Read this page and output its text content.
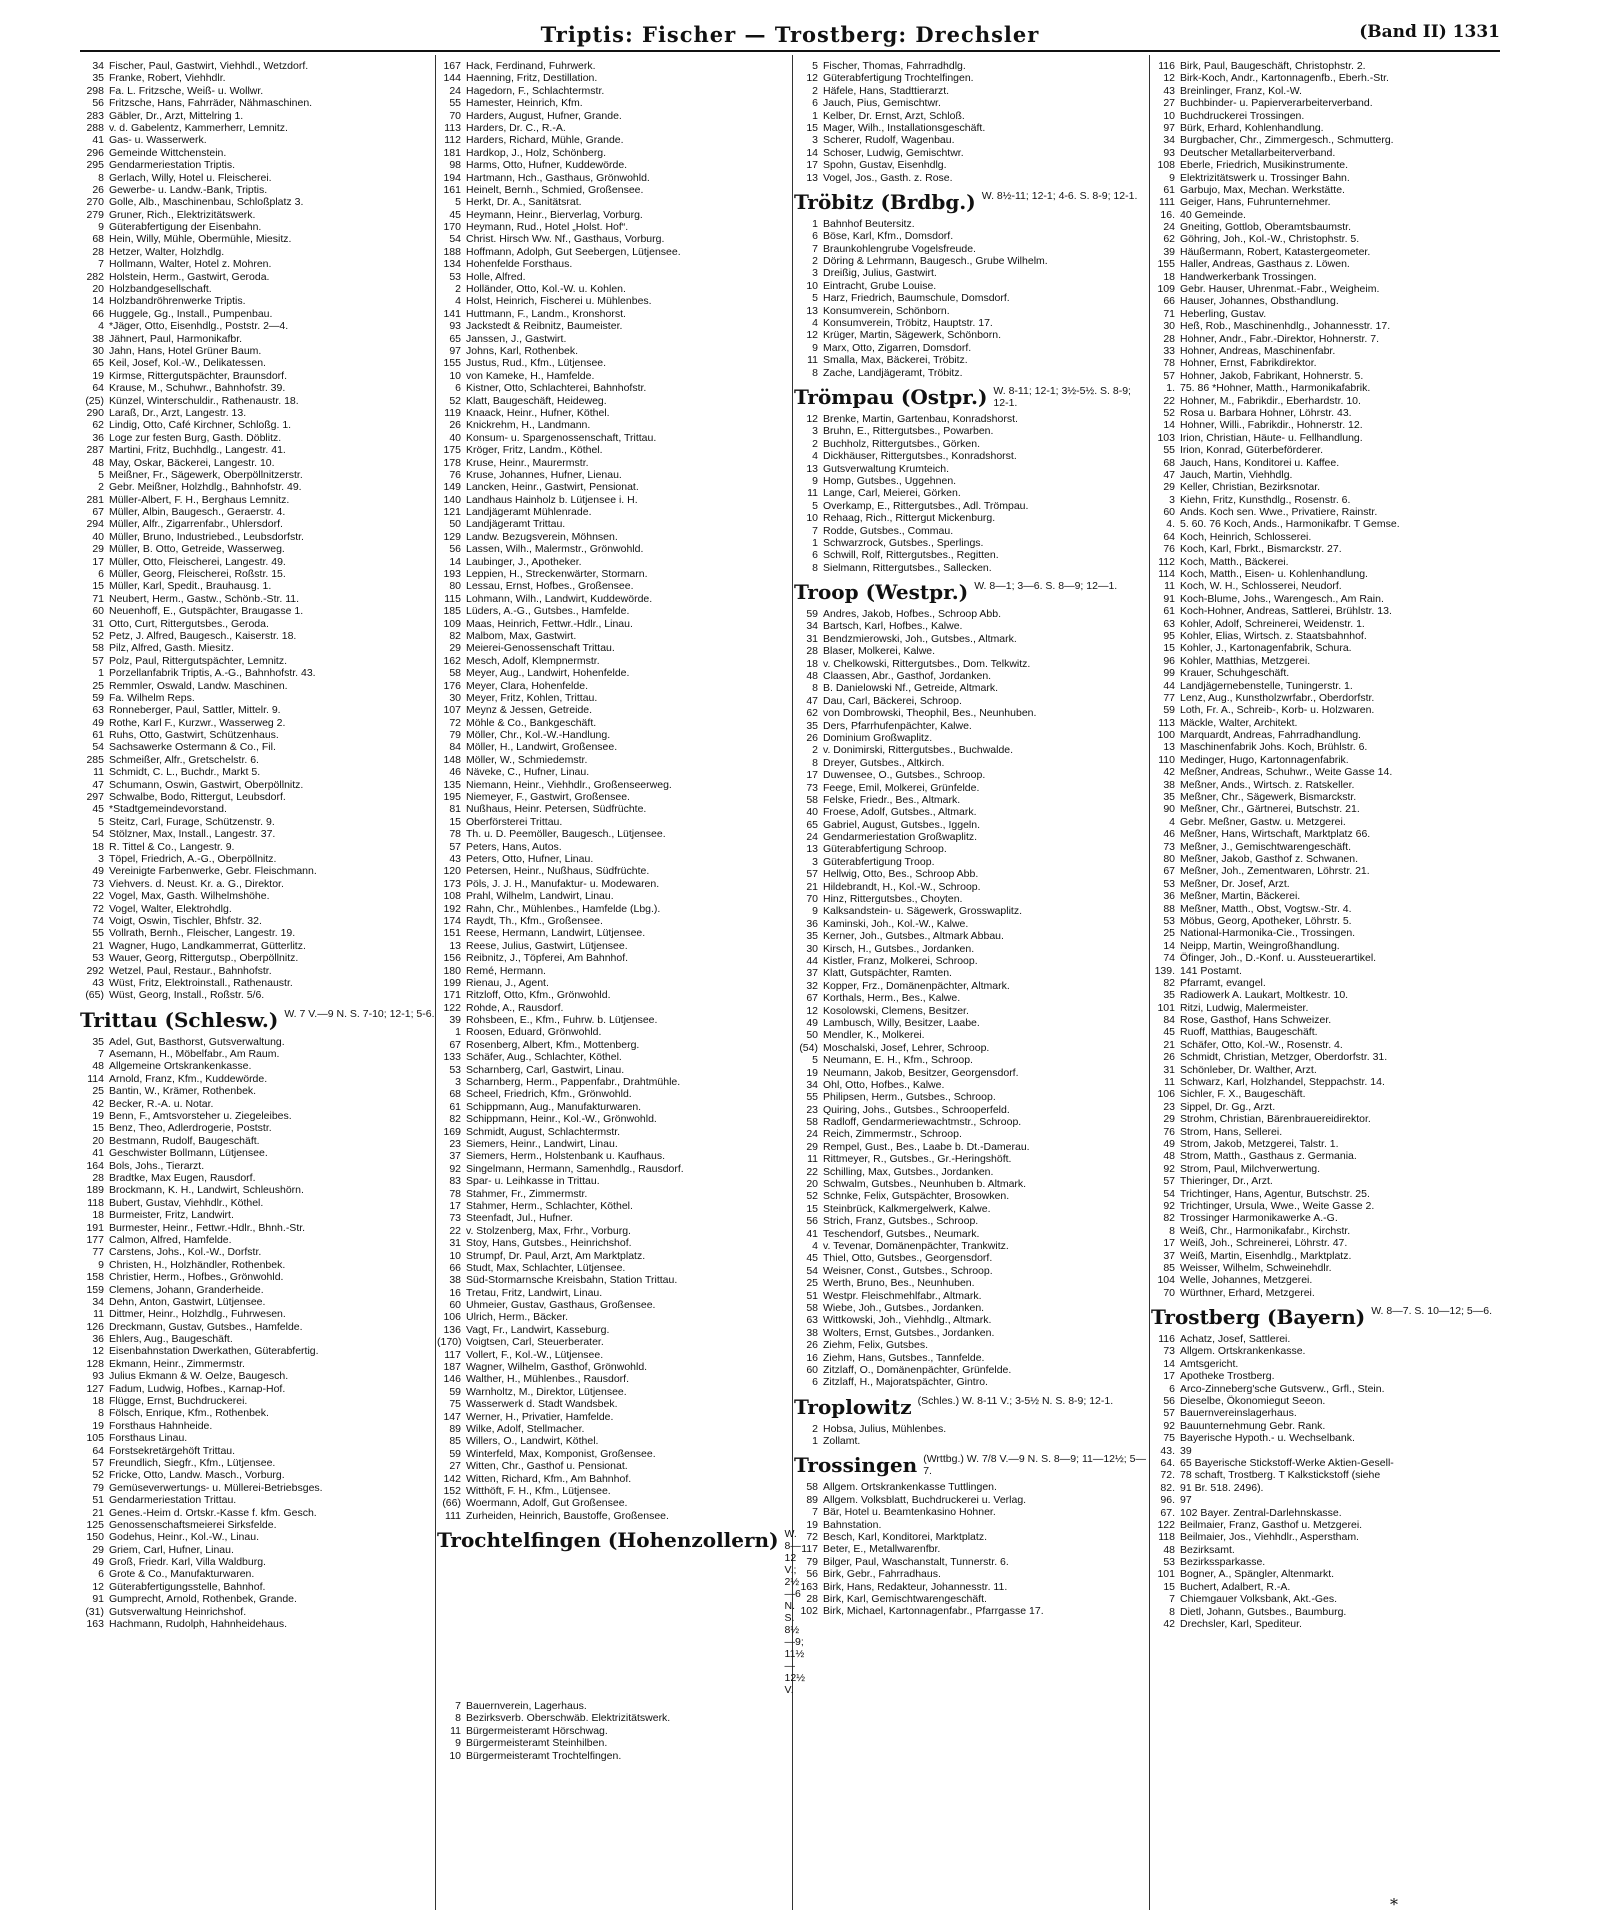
Triptis: Fischer — Trostberg: Drechsler	(Band II) 1331
34 Fischer, Paul, Gastwirt, Viehhdl., Wetzdorf.
35 Franke, Robert, Viehhdlr.
298 Fa. L. Fritzsche, Weiß- u. Wollwr.
56 Fritzsche, Hans, Fahrräder, Nähmaschinen.
283 Gäbler, Dr., Arzt, Mittelring 1.
288 v. d. Gabelentz, Kammerherr, Lemnitz.
41 Gas- u. Wasserwerk.
296 Gemeinde Wittchenstein.
295 Gendarmeriestation Triptis.
8 Gerlach, Willy, Hotel u. Fleischerei.
26 Gewerbe- u. Landw.-Bank, Triptis.
270 Golle, Alb., Maschinenbau, Schloßplatz 3.
279 Gruner, Rich., Elektrizitätswerk.
9 Güterabfertigung der Eisenbahn.
68 Hein, Willy, Mühle, Obermühle, Miesitz.
28 Hetzer, Walter, Holzhdlg.
7 Hollmann, Walter, Hotel z. Mohren.
282 Holstein, Herm., Gastwirt, Geroda.
20 Holzbandgesellschaft.
14 Holzbandröhrenwerke Triptis.
66 Huggele, Gg., Install., Pumpenbau.
4 *Jäger, Otto, Eisenhdlg., Poststr. 2—4.
38 Jähnert, Paul, Harmonikafbr.
30 Jahn, Hans, Hotel Grüner Baum.
65 Keil, Josef, Kol.-W., Delikatessen.
19 Kirmse, Rittergutspächter, Braunsdorf.
64 Krause, M., Schuhwr., Bahnhofstr. 39.
(25) Künzel, Winterschuldir., Rathenaustr. 18.
290 Laraß, Dr., Arzt, Langestr. 13.
62 Lindig, Otto, Café Kirchner, Schloßg. 1.
36 Loge zur festen Burg, Gasth. Döblitz.
287 Martini, Fritz, Buchhdlg., Langestr. 41.
48 May, Oskar, Bäckerei, Langestr. 10.
5 Meißner, Fr., Sägewerk, Oberpöllnitzerstr.
2 Gebr. Meißner, Holzhdlg., Bahnhofstr. 49.
281 Müller-Albert, F. H., Berghaus Lemnitz.
67 Müller, Albin, Baugesch., Geraerstr. 4.
294 Müller, Alfr., Zigarrenfabr., Uhlersdorf.
40 Müller, Bruno, Industriebed., Leubsdorfstr.
29 Müller, B. Otto, Getreide, Wasserweg.
17 Müller, Otto, Fleischerei, Langestr. 49.
6 Müller, Georg, Fleischerei, Roßstr. 15.
15 Müller, Karl, Spedit., Brauhausg. 1.
71 Neubert, Herm., Gastw., Schönb.-Str. 11.
60 Neuenhoff, E., Gutspächter, Braugasse 1.
31 Otto, Curt, Rittergutsbes., Geroda.
52 Petz, J. Alfred, Baugesch., Kaiserstr. 18.
58 Pilz, Alfred, Gasth. Miesitz.
57 Polz, Paul, Rittergutspächter, Lemnitz.
1 Porzellanfabrik Triptis, A.-G., Bahnhofstr. 43.
25 Remmler, Oswald, Landw. Maschinen.
59 Fa. Wilhelm Reps.
63 Ronneberger, Paul, Sattler, Mittelr. 9.
49 Rothe, Karl F., Kurzwr., Wasserweg 2.
61 Ruhs, Otto, Gastwirt, Schützenhaus.
54 Sachsawerke Ostermann & Co., Fil.
285 Schmeißer, Alfr., Gretschelstr. 6.
11 Schmidt, C. L., Buchdr., Markt 5.
47 Schumann, Oswin, Gastwirt, Oberpöllnitz.
297 Schwalbe, Bodo, Rittergut, Leubsdorf.
45 *Stadtgemeindevorstand.
5 Steitz, Carl, Furage, Schützenstr. 9.
54 Stölzner, Max, Install., Langestr. 37.
18 R. Tittel & Co., Langestr. 9.
3 Töpel, Friedrich, A.-G., Oberpöllnitz.
49 Vereinigte Farbenwerke, Gebr. Fleischmann.
73 Viehvers. d. Neust. Kr. a. G., Direktor.
22 Vogel, Max, Gasth. Wilhelmshöhe.
72 Vogel, Walter, Elektrohdlg.
74 Voigt, Oswin, Tischler, Bhfstr. 32.
55 Vollrath, Bernh., Fleischer, Langestr. 19.
21 Wagner, Hugo, Landkammerrat, Gütterlitz.
53 Wauer, Georg, Rittergutsp., Oberpöllnitz.
292 Wetzel, Paul, Restaur., Bahnhofstr.
43 Wüst, Fritz, Elektroinstall., Rathenaustr.
(65) Wüst, Georg, Install., Roßstr. 5/6.
Trittau (Schlesw.) W. 7 V.—9 N. S. 7-10; 12-1; 5-6.
35 Adel, Gut, Basthorst, Gutsverwaltung.
7 Asemann, H., Möbelfabr., Am Raum.
48 Allgemeine Ortskrankenkasse.
114 Arnold, Franz, Kfm., Kuddewörde.
25 Bantin, W., Krämer, Rothenbek.
42 Becker, R.-A. u. Notar.
19 Benn, F., Amtsvorsteher u. Ziegeleibes.
15 Benz, Theo, Adlerdrogerie, Poststr.
20 Bestmann, Rudolf, Baugeschäft.
41 Geschwister Bollmann, Lütjensee.
164 Bols, Johs., Tierarzt.
28 Bradtke, Max Eugen, Rausdorf.
189 Brockmann, K. H., Landwirt, Schleushörn.
118 Bubert, Gustav, Viehhdlr., Köthel.
18 Burmeister, Fritz, Landwirt.
191 Burmester, Heinr., Fettwr.-Hdlr., Bhnh.-Str.
177 Calmon, Alfred, Hamfelde.
77 Carstens, Johs., Kol.-W., Dorfstr.
9 Christen, H., Holzhändler, Rothenbek.
158 Christier, Herm., Hofbes., Grönwohld.
159 Clemens, Johann, Granderheide.
34 Dehn, Anton, Gastwirt, Lütjensee.
11 Dittmer, Heinr., Holzhdlg., Fuhrwesen.
126 Dreckmann, Gustav, Gutsbes., Hamfelde.
36 Ehlers, Aug., Baugeschäft.
12 Eisenbahnstation Dwerkathen, Güterabfertig.
128 Ekmann, Heinr., Zimmermstr.
93 Julius Ekmann & W. Oelze, Baugesch.
127 Fadum, Ludwig, Hofbes., Karnap-Hof.
18 Flügge, Ernst, Buchdruckerei.
8 Fölsch, Enrique, Kfm., Rothenbek.
19 Forsthaus Hahnheide.
105 Forsthaus Linau.
64 Forstsekretärgehöft Trittau.
57 Freundlich, Siegfr., Kfm., Lütjensee.
52 Fricke, Otto, Landw. Masch., Vorburg.
79 Gemüseverwertungs- u. Müllerei-Betriebsges.
51 Gendarmeriestation Trittau.
21 Genes.-Heim d. Ortskr.-Kasse f. kfm. Gesch.
125 Genossenschaftsmeierei Sirksfelde.
150 Godehus, Heinr., Kol.-W., Linau.
29 Griem, Carl, Hufner, Linau.
49 Groß, Friedr. Karl, Villa Waldburg.
6 Grote & Co., Manufakturwaren.
12 Güterabfertigungsstelle, Bahnhof.
91 Gumprecht, Arnold, Rothenbek, Grande.
(31) Gutsverwaltung Heinrichshof.
163 Hachmann, Rudolph, Hahnheidehaus.
167 Hack, Ferdinand, Fuhrwerk.
144 Haenning, Fritz, Destillation.
24 Hagedorn, F., Schlachtermstr.
55 Hamester, Heinrich, Kfm.
70 Harders, August, Hufner, Grande.
113 Harders, Dr. C., R.-A.
112 Harders, Richard, Mühle, Grande.
181 Hardkop, J., Holz, Schönberg.
98 Harms, Otto, Hufner, Kuddewörde.
194 Hartmann, Hch., Gasthaus, Grönwohld.
161 Heinelt, Bernh., Schmied, Großensee.
5 Herkt, Dr. A., Sanitätsrat.
45 Heymann, Heinr., Bierverlag, Vorburg.
170 Heymann, Rud., Hotel „Holst. Hof“.
54 Christ. Hirsch Ww. Nf., Gasthaus, Vorburg.
188 Hoffmann, Adolph, Gut Seebergen, Lütjensee.
134 Hohenfelde Forsthaus.
53 Holle, Alfred.
2 Holländer, Otto, Kol.-W. u. Kohlen.
4 Holst, Heinrich, Fischerei u. Mühlenbes.
141 Huttmann, F., Landm., Kronshorst.
93 Jackstedt & Reibnitz, Baumeister.
65 Janssen, J., Gastwirt.
97 Johns, Karl, Rothenbek.
155 Justus, Rud., Kfm., Lütjensee.
10 von Kameke, H., Hamfelde.
6 Kistner, Otto, Schlachterei, Bahnhofstr.
52 Klatt, Baugeschäft, Heideweg.
119 Knaack, Heinr., Hufner, Köthel.
26 Knickrehm, H., Landmann.
40 Konsum- u. Spargenossenschaft, Trittau.
175 Kröger, Fritz, Landm., Köthel.
178 Kruse, Heinr., Maurermstr.
76 Kruse, Johannes, Hufner, Lienau.
149 Lancken, Heinr., Gastwirt, Pensionat.
140 Landhaus Hainholz b. Lütjensee i. H.
121 Landjägeramt Mühlenrade.
50 Landjägeramt Trittau.
129 Landw. Bezugsverein, Möhnsen.
56 Lassen, Wilh., Malermstr., Grönwohld.
14 Laubinger, J., Apotheker.
193 Leppien, H., Streckenwärter, Stormarn.
80 Lessau, Ernst, Hofbes., Großensee.
115 Lohmann, Wilh., Landwirt, Kuddewörde.
185 Lüders, A.-G., Gutsbes., Hamfelde.
109 Maas, Heinrich, Fettwr.-Hdlr., Linau.
82 Malbom, Max, Gastwirt.
29 Meierei-Genossenschaft Trittau.
162 Mesch, Adolf, Klempnermstr.
58 Meyer, Aug., Landwirt, Hohenfelde.
176 Meyer, Clara, Hohenfelde.
30 Meyer, Fritz, Kohlen, Trittau.
107 Meynz & Jessen, Getreide.
72 Möhle & Co., Bankgeschäft.
79 Möller, Chr., Kol.-W.-Handlung.
84 Möller, H., Landwirt, Großensee.
148 Möller, W., Schmiedemstr.
46 Näveke, C., Hufner, Linau.
135 Niemann, Heinr., Viehhdlr., Großenseerweg.
195 Niemeyer, F., Gastwirt, Großensee.
81 Nußhaus, Heinr. Petersen, Südfrüchte.
15 Oberförsterei Trittau.
78 Th. u. D. Peemöller, Baugesch., Lütjensee.
57 Peters, Hans, Autos.
43 Peters, Otto, Hufner, Linau.
120 Petersen, Heinr., Nußhaus, Südfrüchte.
173 Pöls, J. J. H., Manufaktur- u. Modewaren.
108 Prahl, Wilhelm, Landwirt, Linau.
192 Rahn, Chr., Mühlenbes., Hamfelde (Lbg.).
174 Raydt, Th., Kfm., Großensee.
151 Reese, Hermann, Landwirt, Lütjensee.
13 Reese, Julius, Gastwirt, Lütjensee.
156 Reibnitz, J., Töpferei, Am Bahnhof.
180 Remé, Hermann.
199 Rienau, J., Agent.
171 Ritzloff, Otto, Kfm., Grönwohld.
122 Rohde, A., Rausdorf.
39 Rohsbeen, E., Kfm., Fuhrw. b. Lütjensee.
1 Roosen, Eduard, Grönwohld.
67 Rosenberg, Albert, Kfm., Mottenberg.
133 Schäfer, Aug., Schlachter, Köthel.
53 Scharnberg, Carl, Gastwirt, Linau.
3 Scharnberg, Herm., Pappenfabr., Drahtmühle.
68 Scheel, Friedrich, Kfm., Grönwohld.
61 Schippmann, Aug., Manufakturwaren.
82 Schippmann, Heinr., Kol.-W., Grönwohld.
169 Schmidt, August, Schlachtermstr.
23 Siemers, Heinr., Landwirt, Linau.
37 Siemers, Herm., Holstenbank u. Kaufhaus.
92 Singelmann, Hermann, Samenhdlg., Rausdorf.
83 Spar- u. Leihkasse in Trittau.
78 Stahmer, Fr., Zimmermstr.
17 Stahmer, Herm., Schlachter, Köthel.
73 Steenfadt, Jul., Hufner.
22 v. Stolzenberg, Max, Frhr., Vorburg.
31 Stoy, Hans, Gutsbes., Heinrichshof.
10 Strumpf, Dr. Paul, Arzt, Am Marktplatz.
66 Studt, Max, Schlachter, Lütjensee.
38 Süd-Stormarnsche Kreisbahn, Station Trittau.
16 Tretau, Fritz, Landwirt, Linau.
60 Uhmeier, Gustav, Gasthaus, Großensee.
106 Ulrich, Herm., Bäcker.
136 Vagt, Fr., Landwirt, Kasseburg.
(170) Voigtsen, Carl, Steuerberater.
117 Vollert, F., Kol.-W., Lütjensee.
187 Wagner, Wilhelm, Gasthof, Grönwohld.
146 Walther, H., Mühlenbes., Rausdorf.
59 Warnholtz, M., Direktor, Lütjensee.
75 Wasserwerk d. Stadt Wandsbek.
147 Werner, H., Privatier, Hamfelde.
89 Wilke, Adolf, Stellmacher.
85 Willers, O., Landwirt, Köthel.
59 Winterfeld, Max, Komponist, Großensee.
27 Witten, Chr., Gasthof u. Pensionat.
142 Witten, Richard, Kfm., Am Bahnhof.
152 Witthöft, F. H., Kfm., Lütjensee.
(66) Woermann, Adolf, Gut Großensee.
111 Zurheiden, Heinrich, Baustoffe, Großensee.
Trochtelfingen (Hohenzollern) W. 8—12 V.; 2½—6 N. S. 8½—9; 11½—12½ V.
7 Bauernverein, Lagerhaus.
8 Bezirksverb. Oberschwäb. Elektrizitätswerk.
11 Bürgermeisteramt Hörschwag.
9 Bürgermeisteramt Steinhilben.
10 Bürgermeisteramt Trochtelfingen.
5 Fischer, Thomas, Fahrradhdlg.
12 Güterabfertigung Trochtelfingen.
2 Häfele, Hans, Stadttierarzt.
6 Jauch, Pius, Gemischtwr.
1 Kelber, Dr. Ernst, Arzt, Schloß.
15 Mager, Wilh., Installationsgeschäft.
3 Scherer, Rudolf, Wagenbau.
14 Schoser, Ludwig, Gemischtwr.
17 Spohn, Gustav, Eisenhdlg.
13 Vogel, Jos., Gasth. z. Rose.
Tröbitz (Brdbg.) W. 8½-11; 12-1; 4-6. S. 8-9; 12-1.
1 Bahnhof Beutersitz.
6 Böse, Karl, Kfm., Domsdorf.
7 Braunkohlengrube Vogelsfreude.
2 Döring & Lehrmann, Baugesch., Grube Wilhelm.
3 Dreißig, Julius, Gastwirt.
10 Eintracht, Grube Louise.
5 Harz, Friedrich, Baumschule, Domsdorf.
13 Konsumverein, Schönborn.
4 Konsumverein, Tröbitz, Hauptstr. 17.
12 Krüger, Martin, Sägewerk, Schönborn.
9 Marx, Otto, Zigarren, Domsdorf.
11 Smalla, Max, Bäckerei, Tröbitz.
8 Zache, Landjägeramt, Tröbitz.
Trömpau (Ostpr.) W. 8-11; 12-1; 3½-5½. S. 8-9; 12-1.
12 Brenke, Martin, Gartenbau, Konradshorst.
3 Bruhn, E., Rittergutsbes., Powarben.
2 Buchholz, Rittergutsbes., Görken.
4 Dickhäuser, Rittergutsbes., Konradshorst.
13 Gutsverwaltung Krumteich.
9 Homp, Gutsbes., Uggehnen.
11 Lange, Carl, Meierei, Görken.
5 Overkamp, E., Rittergutsbes., Adl. Trömpau.
10 Rehaag, Rich., Rittergut Mickenburg.
7 Rodde, Gutsbes., Commau.
1 Schwarzrock, Gutsbes., Sperlings.
6 Schwill, Rolf, Rittergutsbes., Regitten.
8 Sielmann, Rittergutsbes., Sallecken.
Troop (Westpr.) W. 8—1; 3—6. S. 8—9; 12—1.
59 Andres, Jakob, Hofbes., Schroop Abb.
34 Bartsch, Karl, Hofbes., Kalwe.
31 Bendzmierowski, Joh., Gutsbes., Altmark.
28 Blaser, Molkerei, Kalwe.
18 v. Chelkowski, Rittergutsbes., Dom. Telkwitz.
48 Claassen, Abr., Gasthof, Jordanken.
8 B. Danielowski Nf., Getreide, Altmark.
47 Dau, Carl, Bäckerei, Schroop.
62 von Dombrowski, Theophil, Bes., Neunhuben.
35 Ders, Pfarrhufenpächter, Kalwe.
26 Dominium Großwaplitz.
2 v. Donimirski, Rittergutsbes., Buchwalde.
8 Dreyer, Gutsbes., Altkirch.
17 Duwensee, O., Gutsbes., Schroop.
73 Feege, Emil, Molkerei, Grünfelde.
58 Felske, Friedr., Bes., Altmark.
40 Froese, Adolf, Gutsbes., Altmark.
65 Gabriel, August, Gutsbes., Iggeln.
24 Gendarmeriestation Großwaplitz.
13 Güterabfertigung Schroop.
3 Güterabfertigung Troop.
57 Hellwig, Otto, Bes., Schroop Abb.
21 Hildebrandt, H., Kol.-W., Schroop.
70 Hinz, Rittergutsbes., Choyten.
9 Kalksandstein- u. Sägewerk, Grosswaplitz.
36 Kaminski, Joh., Kol.-W., Kalwe.
35 Kerner, Joh., Gutsbes., Altmark Abbau.
30 Kirsch, H., Gutsbes., Jordanken.
44 Kistler, Franz, Molkerei, Schroop.
37 Klatt, Gutspächter, Ramten.
32 Kopper, Frz., Domänenpächter, Altmark.
67 Korthals, Herm., Bes., Kalwe.
12 Kosolowski, Clemens, Besitzer.
49 Lambusch, Willy, Besitzer, Laabe.
50 Mendler, K., Molkerei.
(54) Moschalski, Josef, Lehrer, Schroop.
5 Neumann, E. H., Kfm., Schroop.
19 Neumann, Jakob, Besitzer, Georgensdorf.
34 Ohl, Otto, Hofbes., Kalwe.
55 Philipsen, Herm., Gutsbes., Schroop.
23 Quiring, Johs., Gutsbes., Schrooperfeld.
58 Radloff, Gendarmeriewachtmstr., Schroop.
24 Reich, Zimmermstr., Schroop.
29 Rempel, Gust., Bes., Laabe b. Dt.-Damerau.
11 Rittmeyer, R., Gutsbes., Gr.-Heringshöft.
22 Schilling, Max, Gutsbes., Jordanken.
20 Schwalm, Gutsbes., Neunhuben b. Altmark.
52 Schnke, Felix, Gutspächter, Brosowken.
15 Steinbrück, Kalkmergelwerk, Kalwe.
56 Strich, Franz, Gutsbes., Schroop.
41 Teschendorf, Gutsbes., Neumark.
4 v. Tevenar, Domänenpächter, Trankwitz.
45 Thiel, Otto, Gutsbes., Georgensdorf.
54 Weisner, Const., Gutsbes., Schroop.
25 Werth, Bruno, Bes., Neunhuben.
51 Westpr. Fleischmehlfabr., Altmark.
58 Wiebe, Joh., Gutsbes., Jordanken.
63 Wittkowski, Joh., Viehhdlg., Altmark.
38 Wolters, Ernst, Gutsbes., Jordanken.
26 Ziehm, Felix, Gutsbes.
16 Ziehm, Hans, Gutsbes., Tannfelde.
60 Zitzlaff, O., Domänenpächter, Grünfelde.
6 Zitzlaff, H., Majoratspächter, Gintro.
Troplowitz (Schles.) W. 8-11 V.; 3-5½ N. S. 8-9; 12-1.
2 Hobsa, Julius, Mühlenbes.
1 Zollamt.
Trossingen (Wrttbg.) W. 7/8 V.—9 N. S. 8—9; 11—12½; 5—7.
58 Allgem. Ortskrankenkasse Tuttlingen.
89 Allgem. Volksblatt, Buchdruckerei u. Verlag.
7 Bär, Hotel u. Beamtenkasino Hohner.
19 Bahnstation.
72 Besch, Karl, Konditorei, Marktplatz.
117 Beter, E., Metallwarenfbr.
79 Bilger, Paul, Waschanstalt, Tunnerstr. 6.
56 Birk, Gebr., Fahrradhaus.
163 Birk, Hans, Redakteur, Johannesstr. 11.
28 Birk, Karl, Gemischtwarengeschäft.
102 Birk, Michael, Kartonnagenfabr., Pfarrgasse 17.
116 Birk, Paul, Baugeschäft, Christophstr. 2.
12 Birk-Koch, Andr., Kartonnagenfb., Eberh.-Str.
43 Breinlinger, Franz, Kol.-W.
27 Buchbinder- u. Papierverarbeiterverband.
10 Buchdruckerei Trossingen.
97 Bürk, Erhard, Kohlenhandlung.
34 Burgbacher, Chr., Zimmergesch., Schmutterg.
93 Deutscher Metallarbeiterverband.
108 Eberle, Friedrich, Musikinstrumente.
9 Elektrizitätswerk u. Trossinger Bahn.
61 Garbujo, Max, Mechan. Werkstätte.
111 Geiger, Hans, Fuhrunternehmer.
16. 40 Gemeinde.
24 Gneiting, Gottlob, Oberamtsbaumstr.
62 Göhring, Joh., Kol.-W., Christophstr. 5.
39 Häußermann, Robert, Katastergeometer.
155 Haller, Andreas, Gasthaus z. Löwen.
18 Handwerkerbank Trossingen.
109 Gebr. Hauser, Uhrenmat.-Fabr., Weigheim.
66 Hauser, Johannes, Obsthandlung.
71 Heberling, Gustav.
30 Heß, Rob., Maschinenhdlg., Johannesstr. 17.
28 Hohner, Andr., Fabr.-Direktor, Hohnerstr. 7.
33 Hohner, Andreas, Maschinenfabr.
78 Hohner, Ernst, Fabrikdirektor.
57 Hohner, Jakob, Fabrikant, Hohnerstr. 5.
1. 75. 86 *Hohner, Matth., Harmonikafabrik.
22 Hohner, M., Fabrikdir., Eberhardstr. 10.
52 Rosa u. Barbara Hohner, Löhrstr. 43.
14 Hohner, Willi., Fabrikdir., Hohnerstr. 12.
103 Irion, Christian, Häute- u. Fellhandlung.
55 Irion, Konrad, Güterbeförderer.
68 Jauch, Hans, Konditorei u. Kaffee.
47 Jauch, Martin, Viehhdlg.
29 Keller, Christian, Bezirksnotar.
3 Kiehn, Fritz, Kunsthdlg., Rosenstr. 6.
60 Ands. Koch sen. Wwe., Privatiere, Rainstr.
4. 5. 60. 76 Koch, Ands., Harmonikafbr. T Gemse.
64 Koch, Heinrich, Schlosserei.
76 Koch, Karl, Fbrkt., Bismarckstr. 27.
112 Koch, Matth., Bäckerei.
114 Koch, Matth., Eisen- u. Kohlenhandlung.
11 Koch, W. H., Schlosserei, Neudorf.
91 Koch-Blume, Johs., Warengesch., Am Rain.
61 Koch-Hohner, Andreas, Sattlerei, Brühlstr. 13.
63 Kohler, Adolf, Schreinerei, Weidenstr. 1.
95 Kohler, Elias, Wirtsch. z. Staatsbahnhof.
15 Kohler, J., Kartonagenfabrik, Schura.
96 Kohler, Matthias, Metzgerei.
99 Krauer, Schuhgeschäft.
44 Landjägernebenstelle, Tuningerstr. 1.
77 Lenz, Aug., Kunstholzwrfabr., Oberdorfstr.
59 Loth, Fr. A., Schreib-, Korb- u. Holzwaren.
113 Mäckle, Walter, Architekt.
100 Marquardt, Andreas, Fahrradhandlung.
13 Maschinenfabrik Johs. Koch, Brühlstr. 6.
110 Medinger, Hugo, Kartonnagenfabrik.
42 Meßner, Andreas, Schuhwr., Weite Gasse 14.
38 Meßner, Ands., Wirtsch. z. Ratskeller.
35 Meßner, Chr., Sägewerk, Bismarckstr.
90 Meßner, Chr., Gärtnerei, Butschstr. 21.
4 Gebr. Meßner, Gastw. u. Metzgerei.
46 Meßner, Hans, Wirtschaft, Marktplatz 66.
73 Meßner, J., Gemischtwarengeschäft.
80 Meßner, Jakob, Gasthof z. Schwanen.
67 Meßner, Joh., Zementwaren, Löhrstr. 21.
53 Meßner, Dr. Josef, Arzt.
36 Meßner, Martin, Bäckerei.
88 Meßner, Matth., Obst, Vogtsw.-Str. 4.
53 Möbus, Georg, Apotheker, Löhrstr. 5.
25 National-Harmonika-Cie., Trossingen.
14 Neipp, Martin, Weingroßhandlung.
74 Öfinger, Joh., D.-Konf. u. Aussteuerartikel.
139. 141 Postamt.
82 Pfarramt, evangel.
35 Radiowerk A. Laukart, Moltkestr. 10.
101 Ritzi, Ludwig, Malermeister.
84 Rose, Gasthof, Hans Schweizer.
45 Ruoff, Matthias, Baugeschäft.
21 Schäfer, Otto, Kol.-W., Rosenstr. 4.
26 Schmidt, Christian, Metzger, Oberdorfstr. 31.
31 Schönleber, Dr. Walther, Arzt.
11 Schwarz, Karl, Holzhandel, Steppachstr. 14.
106 Sichler, F. X., Baugeschäft.
23 Sippel, Dr. Gg., Arzt.
29 Strohm, Christian, Bärenbrauereidirektor.
76 Strom, Hans, Sellerei.
49 Strom, Jakob, Metzgerei, Talstr. 1.
48 Strom, Matth., Gasthaus z. Germania.
92 Strom, Paul, Milchverwertung.
57 Thieringer, Dr., Arzt.
54 Trichtinger, Hans, Agentur, Butschstr. 25.
92 Trichtinger, Ursula, Wwe., Weite Gasse 2.
82 Trossinger Harmonikawerke A.-G.
8 Weiß, Chr., Harmonikafabr., Kirchstr.
17 Weiß, Joh., Schreinerei, Löhrstr. 47.
37 Weiß, Martin, Eisenhdlg., Marktplatz.
85 Weisser, Wilhelm, Schweinehdlr.
104 Welle, Johannes, Metzgerei.
70 Würthner, Erhard, Metzgerei.
Trostberg (Bayern) W. 8—7. S. 10—12; 5—6.
116 Achatz, Josef, Sattlerei.
73 Allgem. Ortskrankenkasse.
14 Amtsgericht.
17 Apotheke Trostberg.
6 Arco-Zinneberg'sche Gutsverw., Grfl., Stein.
56 Dieselbe, Ökonomiegut Seeon.
57 Bauernvereinslagerhaus.
92 Bauunternehmung Gebr. Rank.
75 Bayerische Hypoth.- u. Wechselbank.
43. 39
64. 65 Bayerische Stickstoff-Werke Aktien-Gesell-
72. 78 schaft, Trostberg. T Kalkstickstoff (siehe
82. 91 Br. 518. 2496).
96. 97
67. 102 Bayer. Zentral-Darlehnskasse.
122 Beilmaier, Franz, Gasthof u. Metzgerei.
118 Beilmaier, Jos., Viehhdlr., Asperstham.
48 Bezirksamt.
53 Bezirkssparkasse.
101 Bogner, A., Spängler, Altenmarkt.
15 Buchert, Adalbert, R.-A.
7 Chiemgauer Volksbank, Akt.-Ges.
8 Dietl, Johann, Gutsbes., Baumburg.
42 Drechsler, Karl, Spediteur.
*
